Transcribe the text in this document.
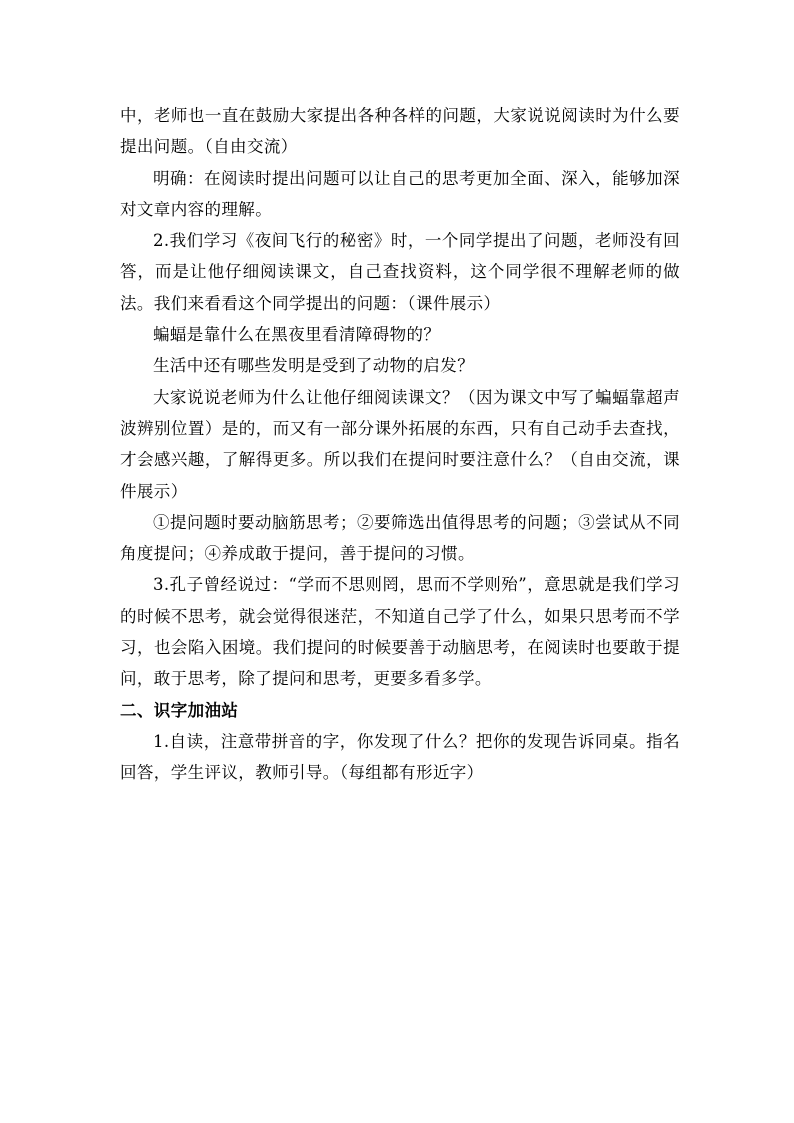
中，老师也一直在鼓励大家提出各种各样的问题，大家说说阅读时为什么要提出问题。（自由交流）

明确：在阅读时提出问题可以让自己的思考更加全面、深入，能够加深对文章内容的理解。

2.我们学习《夜间飞行的秘密》时，一个同学提出了问题，老师没有回答，而是让他仔细阅读课文，自己查找资料，这个同学很不理解老师的做法。我们来看看这个同学提出的问题：（课件展示）

蝙蝠是靠什么在黑夜里看清障碍物的？

生活中还有哪些发明是受到了动物的启发？

大家说说老师为什么让他仔细阅读课文？（因为课文中写了蝙蝠靠超声波辨别位置）是的，而又有一部分课外拓展的东西，只有自己动手去查找，才会感兴趣，了解得更多。所以我们在提问时要注意什么？（自由交流，课件展示）

①提问题时要动脑筋思考；②要筛选出值得思考的问题；③尝试从不同角度提问；④养成敢于提问，善于提问的习惯。

3.孔子曾经说过：“学而不思则罔，思而不学则殆”，意思就是我们学习的时候不思考，就会觉得很迷茫，不知道自己学了什么，如果只思考而不学习，也会陷入困境。我们提问的时候要善于动脑思考，在阅读时也要敢于提问，敢于思考，除了提问和思考，更要多看多学。

二、识字加油站

1.自读，注意带拼音的字，你发现了什么？把你的发现告诉同桌。指名回答，学生评议，教师引导。（每组都有形近字）
